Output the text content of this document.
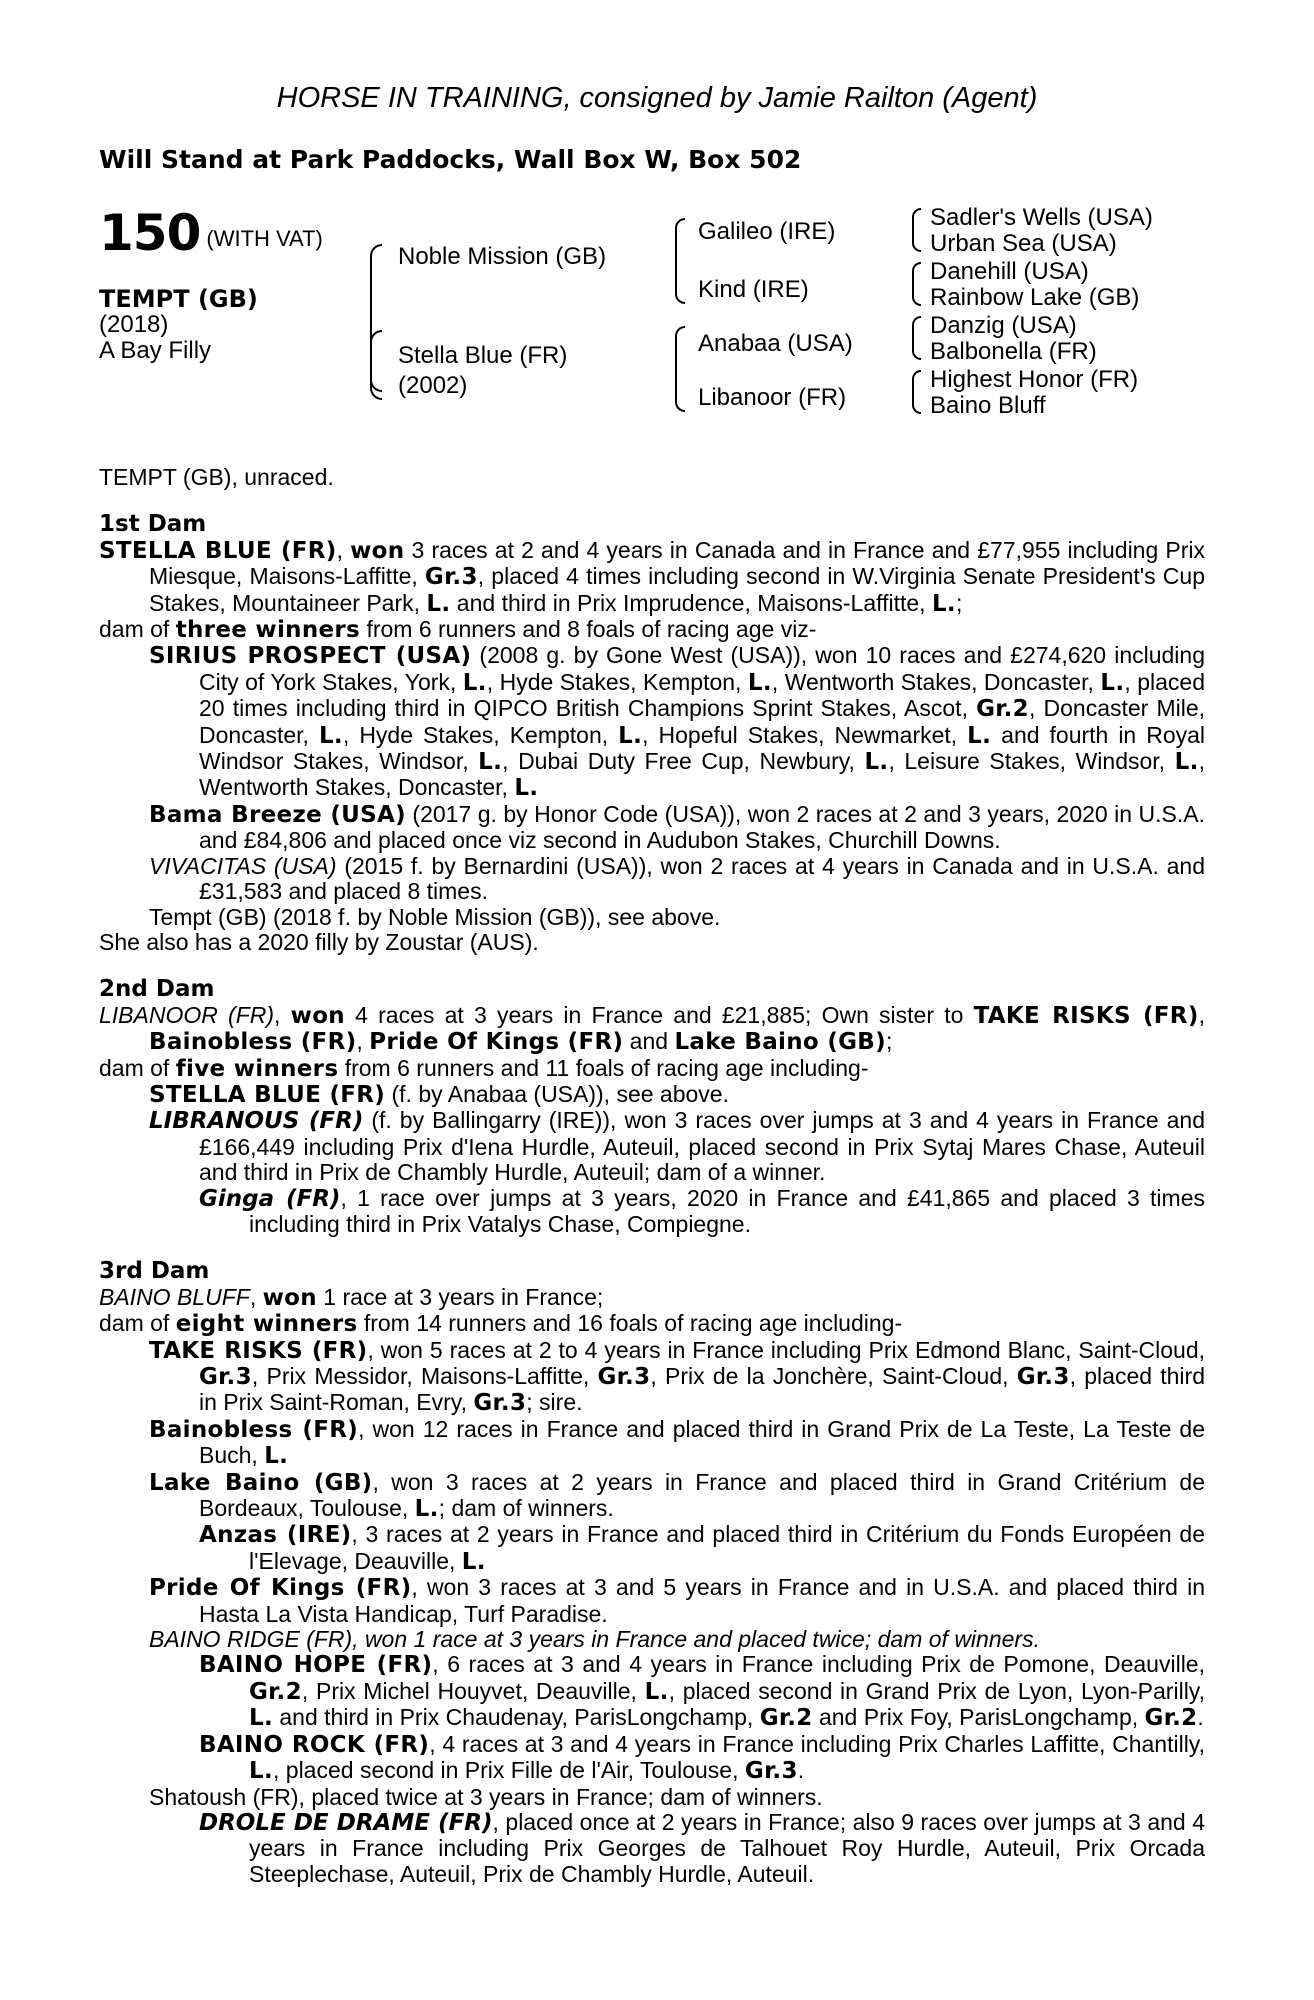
HORSE IN TRAINING, consigned by Jamie Railton (Agent)
Will Stand at Park Paddocks, Wall Box W, Box 502
150 (WITH VAT)
TEMPT (GB)
(2018)
A Bay Filly
Noble Mission (GB)
Stella Blue (FR)
(2002)
Galileo (IRE)
Kind (IRE)
Anabaa (USA)
Libanoor (FR)
Sadler's Wells (USA)
Urban Sea (USA)
Danehill (USA)
Rainbow Lake (GB)
Danzig (USA)
Balbonella (FR)
Highest Honor (FR)
Baino Bluff

TEMPT (GB), unraced.

1st Dam

STELLA BLUE (FR), won 3 races at 2 and 4 years in Canada and in France and £77,955 including Prix Miesque, Maisons-Laffitte, Gr.3, placed 4 times including second in W.Virginia Senate President's Cup Stakes, Mountaineer Park, L. and third in Prix Imprudence, Maisons-Laffitte, L.;

dam of three winners from 6 runners and 8 foals of racing age viz-

SIRIUS PROSPECT (USA) (2008 g. by Gone West (USA)), won 10 races and £274,620 including City of York Stakes, York, L., Hyde Stakes, Kempton, L., Wentworth Stakes, Doncaster, L., placed 20 times including third in QIPCO British Champions Sprint Stakes, Ascot, Gr.2, Doncaster Mile, Doncaster, L., Hyde Stakes, Kempton, L., Hopeful Stakes, Newmarket, L. and fourth in Royal Windsor Stakes, Windsor, L., Dubai Duty Free Cup, Newbury, L., Leisure Stakes, Windsor, L., Wentworth Stakes, Doncaster, L.

Bama Breeze (USA) (2017 g. by Honor Code (USA)), won 2 races at 2 and 3 years, 2020 in U.S.A. and £84,806 and placed once viz second in Audubon Stakes, Churchill Downs.

VIVACITAS (USA) (2015 f. by Bernardini (USA)), won 2 races at 4 years in Canada and in U.S.A. and £31,583 and placed 8 times.

Tempt (GB) (2018 f. by Noble Mission (GB)), see above.

She also has a 2020 filly by Zoustar (AUS).

2nd Dam

LIBANOOR (FR), won 4 races at 3 years in France and £21,885; Own sister to TAKE RISKS (FR), Bainobless (FR), Pride Of Kings (FR) and Lake Baino (GB);

dam of five winners from 6 runners and 11 foals of racing age including-

STELLA BLUE (FR) (f. by Anabaa (USA)), see above.

LIBRANOUS (FR) (f. by Ballingarry (IRE)), won 3 races over jumps at 3 and 4 years in France and £166,449 including Prix d'Iena Hurdle, Auteuil, placed second in Prix Sytaj Mares Chase, Auteuil and third in Prix de Chambly Hurdle, Auteuil; dam of a winner.

Ginga (FR), 1 race over jumps at 3 years, 2020 in France and £41,865 and placed 3 times including third in Prix Vatalys Chase, Compiegne.

3rd Dam

BAINO BLUFF, won 1 race at 3 years in France;

dam of eight winners from 14 runners and 16 foals of racing age including-

TAKE RISKS (FR), won 5 races at 2 to 4 years in France including Prix Edmond Blanc, Saint-Cloud, Gr.3, Prix Messidor, Maisons-Laffitte, Gr.3, Prix de la Jonchère, Saint-Cloud, Gr.3, placed third in Prix Saint-Roman, Evry, Gr.3; sire.

Bainobless (FR), won 12 races in France and placed third in Grand Prix de La Teste, La Teste de Buch, L.

Lake Baino (GB), won 3 races at 2 years in France and placed third in Grand Critérium de Bordeaux, Toulouse, L.; dam of winners.

Anzas (IRE), 3 races at 2 years in France and placed third in Critérium du Fonds Européen de l'Elevage, Deauville, L.

Pride Of Kings (FR), won 3 races at 3 and 5 years in France and in U.S.A. and placed third in Hasta La Vista Handicap, Turf Paradise.

BAINO RIDGE (FR), won 1 race at 3 years in France and placed twice; dam of winners.

BAINO HOPE (FR), 6 races at 3 and 4 years in France including Prix de Pomone, Deauville, Gr.2, Prix Michel Houyvet, Deauville, L., placed second in Grand Prix de Lyon, Lyon-Parilly, L. and third in Prix Chaudenay, ParisLongchamp, Gr.2 and Prix Foy, ParisLongchamp, Gr.2.

BAINO ROCK (FR), 4 races at 3 and 4 years in France including Prix Charles Laffitte, Chantilly, L., placed second in Prix Fille de l'Air, Toulouse, Gr.3.

Shatoush (FR), placed twice at 3 years in France; dam of winners.

DROLE DE DRAME (FR), placed once at 2 years in France; also 9 races over jumps at 3 and 4 years in France including Prix Georges de Talhouet Roy Hurdle, Auteuil, Prix Orcada Steeplechase, Auteuil, Prix de Chambly Hurdle, Auteuil.
